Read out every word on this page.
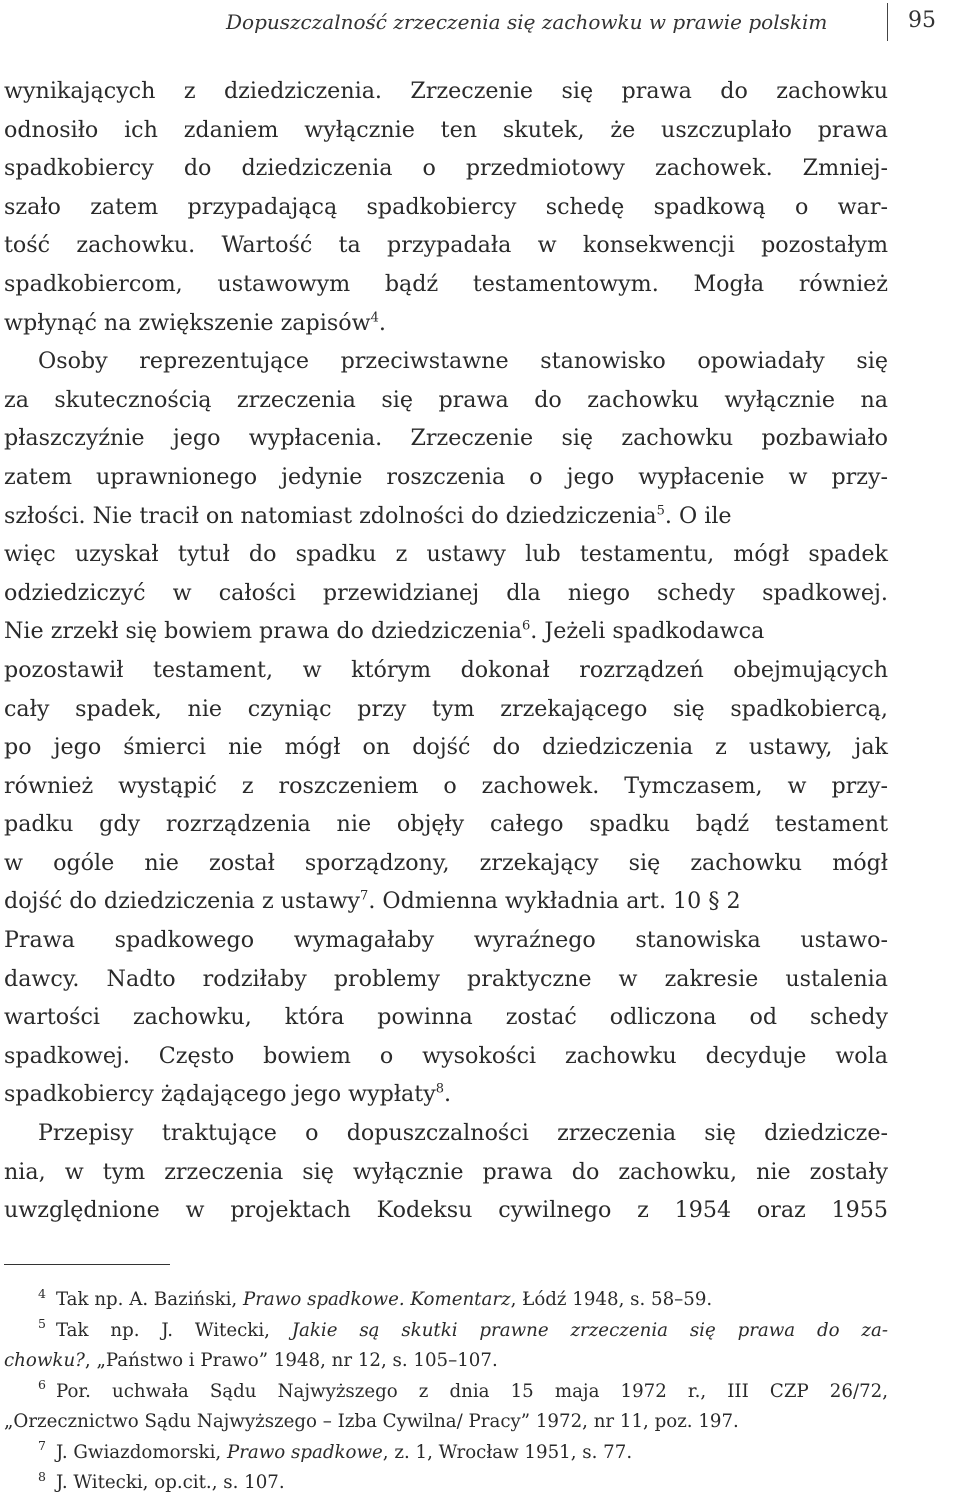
Dopuszczalność zrzeczenia się zachowku w prawie polskim	95

wynikających z dziedziczenia. Zrzeczenie się prawa do zachowku
odnosiło ich zdaniem wyłącznie ten skutek, że uszczuplało prawa
spadkobiercy do dziedziczenia o przedmiotowy zachowek. Zmniej-
szało zatem przypadającą spadkobiercy schedę spadkową o war-
tość zachowku. Wartość ta przypadała w konsekwencji pozostałym
spadkobiercom, ustawowym bądź testamentowym. Mogła również
wpłynąć na zwiększenie zapisów$^4$.

Osoby reprezentujące przeciwstawne stanowisko opowiadały się
za skutecznością zrzeczenia się prawa do zachowku wyłącznie na
płaszczyźnie jego wypłacenia. Zrzeczenie się zachowku pozbawiało
zatem uprawnionego jedynie roszczenia o jego wypłacenie w przy-
szłości. Nie tracił on natomiast zdolności do dziedziczenia$^5$. O ile
więc uzyskał tytuł do spadku z ustawy lub testamentu, mógł spadek
odziedziczyć w całości przewidzianej dla niego schedy spadkowej.
Nie zrzekł się bowiem prawa do dziedziczenia$^6$. Jeżeli spadkodawca
pozostawił testament, w którym dokonał rozrządzeń obejmujących
cały spadek, nie czyniąc przy tym zrzekającego się spadkobiercą,
po jego śmierci nie mógł on dojść do dziedziczenia z ustawy, jak
również wystąpić z roszczeniem o zachowek. Tymczasem, w przy-
padku gdy rozrządzenia nie objęły całego spadku bądź testament
w ogóle nie został sporządzony, zrzekający się zachowku mógł
dojść do dziedziczenia z ustawy$^7$. Odmienna wykładnia art. 10 § 2
Prawa spadkowego wymagałaby wyraźnego stanowiska ustawo-
dawcy. Nadto rodziłaby problemy praktyczne w zakresie ustalenia
wartości zachowku, która powinna zostać odliczona od schedy
spadkowej. Często bowiem o wysokości zachowku decyduje wola
spadkobiercy żądającego jego wypłaty$^8$.

Przepisy traktujące o dopuszczalności zrzeczenia się dziedzicze-
nia, w tym zrzeczenia się wyłącznie prawa do zachowku, nie zostały
uwzględnione w projektach Kodeksu cywilnego z 1954 oraz 1955

$^4$ Tak np. A. Baziński, Prawo spadkowe. Komentarz, Łódź 1948, s. 58–59.

$^5$ Tak np. J. Witecki, Jakie są skutki prawne zrzeczenia się prawa do za-
chowku?, „Państwo i Prawo” 1948, nr 12, s. 105–107.

$^6$ Por. uchwała Sądu Najwyższego z dnia 15 maja 1972 r., III CZP 26/72,
„Orzecznictwo Sądu Najwyższego – Izba Cywilna/ Pracy” 1972, nr 11, poz. 197.

$^7$ J. Gwiazdomorski, Prawo spadkowe, z. 1, Wrocław 1951, s. 77.

$^8$ J. Witecki, op.cit., s. 107.
